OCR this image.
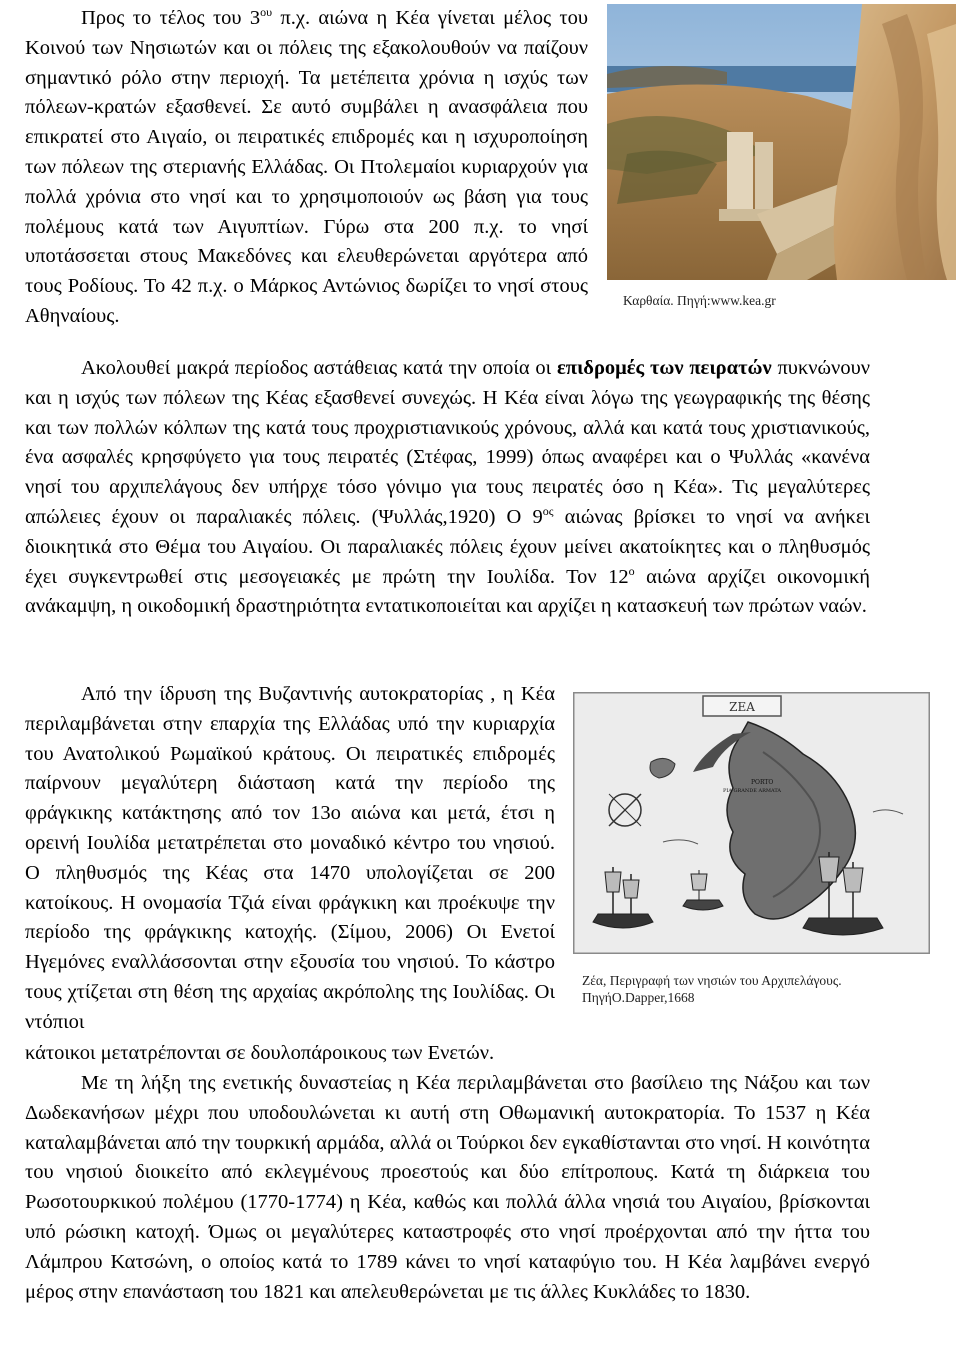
Προς το τέλος του $3^{o\upsilon}$ π.χ. αιώνα η Κέα γίνεται μέλος του Κοινού των Νησιωτών και οι πόλεις της εξακολουθούν να παίζουν σημαντικό ρόλο στην περιοχή. Τα μετέπειτα χρόνια η ισχύς των πόλεων-κρατών εξασθενεί. Σε αυτό συμβάλει η ανασφάλεια που επικρατεί στο Αιγαίο, οι πειρατικές επιδρομές και η ισχυροποίηση των πόλεων της στεριανής Ελλάδας. Οι Πτολεμαίοι κυριαρχούν για πολλά χρόνια στο νησί και το χρησιμοποιούν ως βάση για τους πολέμους κατά των Αιγυπτίων. Γύρω στα 200 π.χ. το νησί υποτάσσεται στους Μακεδόνες και ελευθερώνεται αργότερα από τους Ροδίους. Το 42 π.χ. ο Μάρκος Αντώνιος δωρίζει το νησί στους Αθηναίους.

Καρθαία. Πηγή:www.kea.gr

Ακολουθεί μακρά περίοδος αστάθειας κατά την οποία οι επιδρομές των πειρατών πυκνώνουν και η ισχύς των πόλεων της Κέας εξασθενεί συνεχώς. Η Κέα είναι λόγω της γεωγραφικής της θέσης και των πολλών κόλπων της κατά τους προχριστιανικούς χρόνους, αλλά και κατά τους χριστιανικούς, ένα ασφαλές κρησφύγετο για τους πειρατές (Στέφας, 1999) όπως αναφέρει και ο Ψυλλάς «κανένα νησί του αρχιπελάγους δεν υπήρχε τόσο γόνιμο για τους πειρατές όσο η Κέα». Τις μεγαλύτερες απώλειες έχουν οι παραλιακές πόλεις. (Ψυλλάς,1920) Ο $9^{o\varsigma}$ αιώνας βρίσκει το νησί να ανήκει διοικητικά στο Θέμα του Αιγαίου. Οι παραλιακές πόλεις έχουν μείνει ακατοίκητες και ο πληθυσμός έχει συγκεντρωθεί στις μεσογειακές με πρώτη την Ιουλίδα. Τον $12^o$ αιώνα αρχίζει οικονομική ανάκαμψη, η οικοδομική δραστηριότητα εντατικοποιείται και αρχίζει η κατασκευή των πρώτων ναών.

Από την ίδρυση της Βυζαντινής αυτοκρατορίας , η Κέα περιλαμβάνεται στην επαρχία της Ελλάδας υπό την κυριαρχία του Ανατολικού Ρωμαϊκού κράτους. Οι πειρατικές επιδρομές παίρνουν μεγαλύτερη διάσταση κατά την περίοδο της φράγκικης κατάκτησης από τον 13ο αιώνα και μετά, έτσι η ορεινή Ιουλίδα μετατρέπεται στο μοναδικό κέντρο του νησιού. Ο πληθυσμός της Κέας στα 1470 υπολογίζεται σε 200 κατοίκους. Η ονομασία Τζιά είναι φράγκικη και προέκυψε την περίοδο της φράγκικης κατοχής. (Σίμου, 2006) Οι Ενετοί Ηγεμόνες εναλλάσσονται στην εξουσία του νησιού. Το κάστρο τους χτίζεται στη θέση της αρχαίας ακρόπολης της Ιουλίδας. Οι ντόπιοι

κάτοικοι μετατρέπονται σε δουλοπάροικους των Ενετών.

ΖΕΑ
PORTO
PIA GRANDE ARMATA

Ζέα, Περιγραφή των νησιών του Αρχιπελάγους.
ΠηγήO.Dapper,1668

Με τη λήξη της ενετικής δυναστείας η Κέα περιλαμβάνεται στο βασίλειο της Νάξου και των Δωδεκανήσων μέχρι που υποδουλώνεται κι αυτή στη Οθωμανική αυτοκρατορία. Το 1537 η Κέα καταλαμβάνεται από την τουρκική αρμάδα, αλλά οι Τούρκοι δεν εγκαθίστανται στο νησί. Η κοινότητα του νησιού διοικείτο από εκλεγμένους προεστούς και δύο επίτροπους. Κατά τη διάρκεια του Ρωσοτουρκικού πολέμου (1770-1774) η Κέα, καθώς και πολλά άλλα νησιά του Αιγαίου, βρίσκονται υπό ρώσικη κατοχή. Όμως οι μεγαλύτερες καταστροφές στο νησί προέρχονται από την ήττα του Λάμπρου Κατσώνη, ο οποίος κατά το 1789 κάνει το νησί καταφύγιο του. Η Κέα λαμβάνει ενεργό μέρος στην επανάσταση του 1821 και απελευθερώνεται με τις άλλες Κυκλάδες το 1830.
